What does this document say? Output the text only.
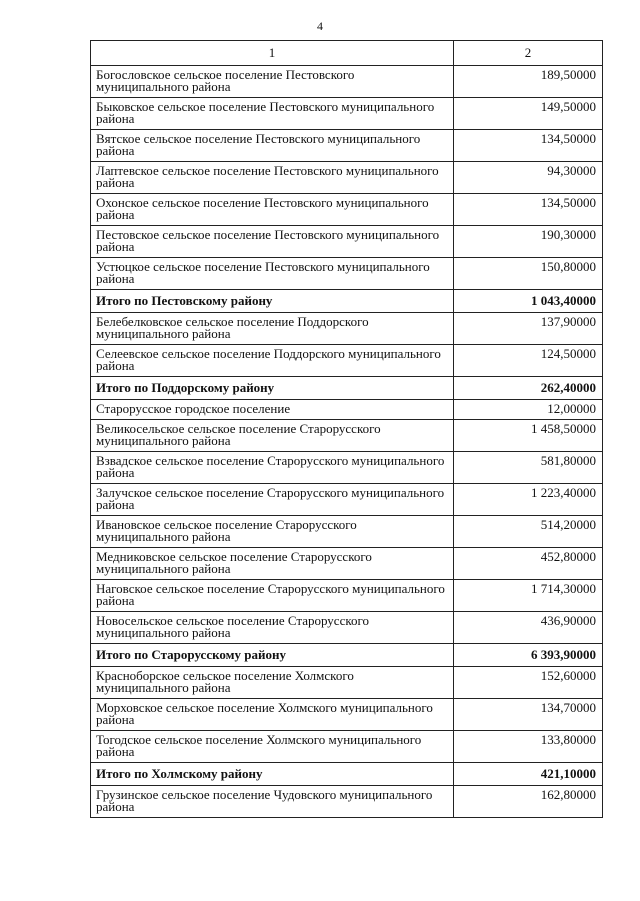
4
1	2
Богословское сельское поселение Пестовского муниципального района	189,50000
Быковское сельское поселение Пестовского муниципального района	149,50000
Вятское сельское поселение Пестовского муниципального района	134,50000
Лаптевское сельское поселение Пестовского муниципального района	94,30000
Охонское сельское поселение Пестовского муниципального района	134,50000
Пестовское сельское поселение Пестовского муниципального района	190,30000
Устюцкое сельское поселение Пестовского муниципального района	150,80000
Итого по Пестовскому району	1 043,40000
Белебелковское сельское поселение Поддорского муниципального района	137,90000
Селеевское сельское поселение Поддорского муниципального района	124,50000
Итого по Поддорскому району	262,40000
Старорусское городское поселение	12,00000
Великосельское сельское поселение Старорусского муниципального района	1 458,50000
Взвадское сельское поселение Старорусского муниципального района	581,80000
Залучское сельское поселение Старорусского муниципального района	1 223,40000
Ивановское сельское поселение Старорусского муниципального района	514,20000
Медниковское сельское поселение Старорусского муниципального района	452,80000
Наговское сельское поселение Старорусского муниципального района	1 714,30000
Новосельское сельское поселение Старорусского муниципального района	436,90000
Итого по Старорусскому району	6 393,90000
Красноборское сельское поселение Холмского муниципального района	152,60000
Морховское сельское поселение Холмского муниципального района	134,70000
Тогодское сельское поселение Холмского муниципального района	133,80000
Итого по Холмскому району	421,10000
Грузинское сельское поселение Чудовского муниципального района	162,80000
